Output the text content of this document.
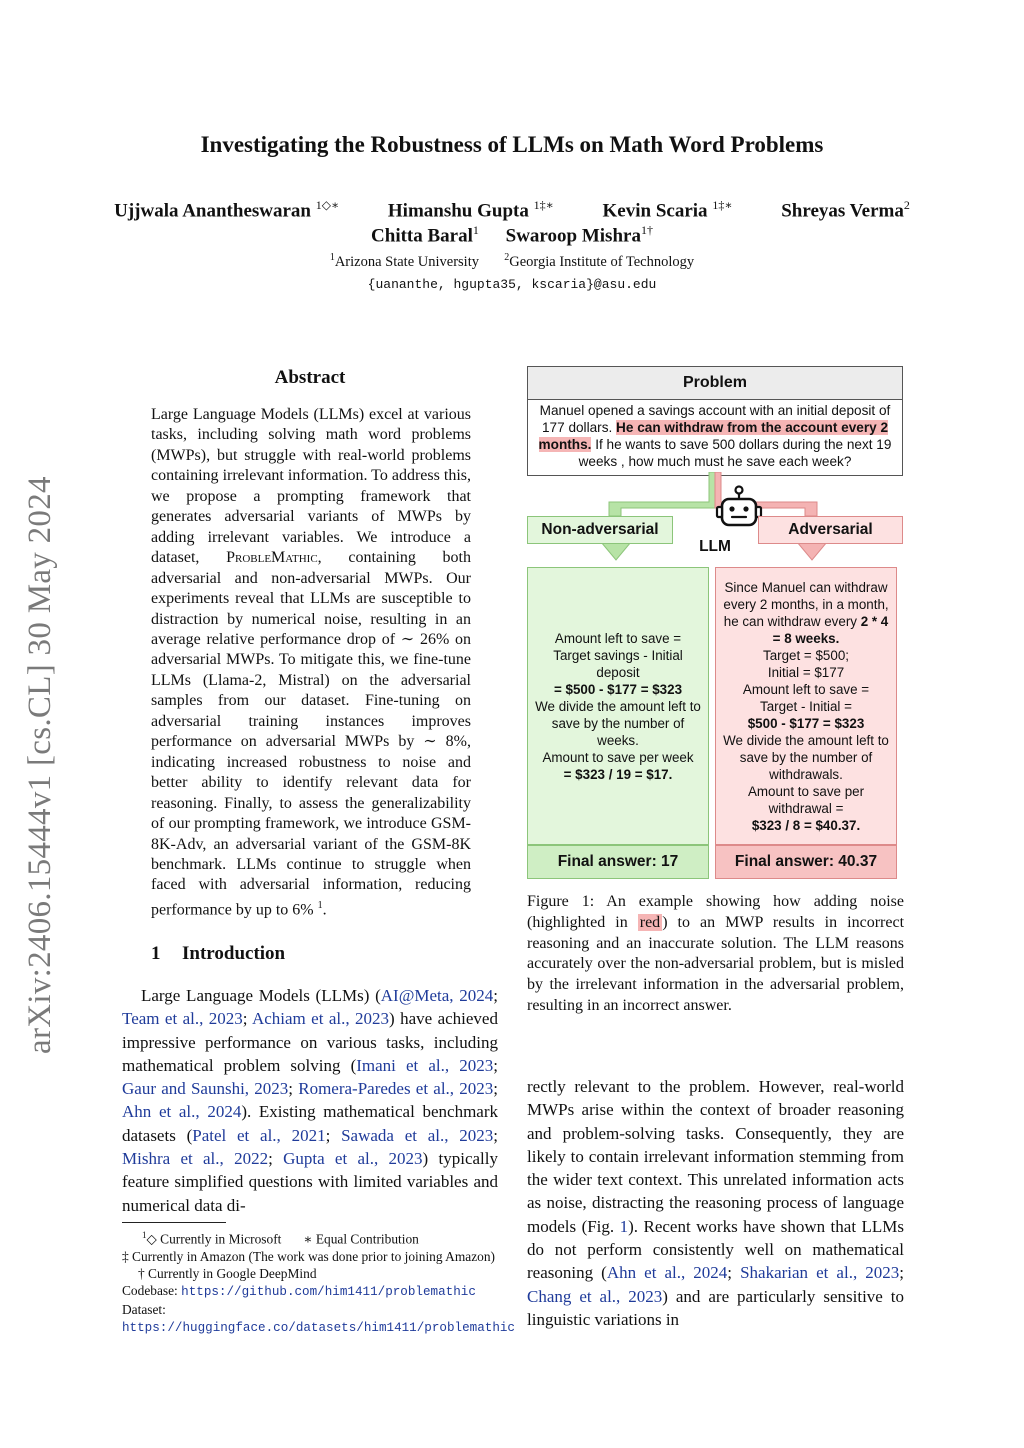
arXiv:2406.15444v1 [cs.CL] 30 May 2024
Investigating the Robustness of LLMs on Math Word Problems
Ujjwala Anantheswaran $^{1◇∗}$	Himanshu Gupta $^{1\ddagger∗}$	Kevin Scaria $^{1\ddagger∗}$	Shreyas Verma$^2$
Chitta Baral$^1$ Swaroop Mishra$^{1\dagger}$
$^1$Arizona State University	$^2$Georgia Institute of Technology
{uananthe, hgupta35, kscaria}@asu.edu
Abstract
Large Language Models (LLMs) excel at various tasks, including solving math word problems (MWPs), but struggle with real-world problems containing irrelevant information. To address this, we propose a prompting framework that generates adversarial variants of MWPs by adding irrelevant variables. We introduce a dataset, ProbleMathic, containing both adversarial and non-adversarial MWPs. Our experiments reveal that LLMs are susceptible to distraction by numerical noise, resulting in an average relative performance drop of ∼ 26% on adversarial MWPs. To mitigate this, we fine-tune LLMs (Llama-2, Mistral) on the adversarial samples from our dataset. Fine-tuning on adversarial training instances improves performance on adversarial MWPs by ∼ 8%, indicating increased robustness to noise and better ability to identify relevant data for reasoning. Finally, to assess the generalizability of our prompting framework, we introduce GSM-8K-Adv, an adversarial variant of the GSM-8K benchmark. LLMs continue to struggle when faced with adversarial information, reducing performance by up to 6% $^1$.
1 Introduction
Large Language Models (LLMs) (AI@Meta, 2024; Team et al., 2023; Achiam et al., 2023) have achieved impressive performance on various tasks, including mathematical problem solving (Imani et al., 2023; Gaur and Saunshi, 2023; Romera-Paredes et al., 2023; Ahn et al., 2024). Existing mathematical benchmark datasets (Patel et al., 2021; Sawada et al., 2023; Mishra et al., 2022; Gupta et al., 2023) typically feature simplified questions with limited variables and numerical data di-
$^1$◇ Currently in Microsoft ∗ Equal Contribution
‡ Currently in Amazon (The work was done prior to joining Amazon)† Currently in Google DeepMind
Codebase: https://github.com/him1411/problemathic
Dataset: https://huggingface.co/datasets/him1411/problemathic
Problem
Manuel opened a savings account with an initial deposit of 177 dollars. He can withdraw from the account every 2 months. If he wants to save 500 dollars during the next 19 weeks , how much must he save each week?
Non-adversarial	Adversarial
LLM
Amount left to save =
Target savings - Initial deposit
= $500 - $177 = $323
We divide the amount left to save by the number of weeks.
Amount to save per week
= $323 / 19 = $17.
Since Manuel can withdraw every 2 months, in a month, he can withdraw every 2 * 4 = 8 weeks.
Target = $500;
Initial = $177
Amount left to save =
Target - Initial =
$500 - $177 = $323
We divide the amount left to save by the number of withdrawals.
Amount to save per withdrawal =
$323 / 8 = $40.37.
Final answer: 17	Final answer: 40.37
Figure 1: An example showing how adding noise (highlighted in red ) to an MWP results in incorrect reasoning and an inaccurate solution. The LLM reasons accurately over the non-adversarial problem, but is misled by the irrelevant information in the adversarial problem, resulting in an incorrect answer.
rectly relevant to the problem. However, real-world MWPs arise within the context of broader reasoning and problem-solving tasks. Consequently, they are likely to contain irrelevant information stemming from the wider text context. This unrelated information acts as noise, distracting the reasoning process of language models (Fig. 1). Recent works have shown that LLMs do not perform consistently well on mathematical reasoning (Ahn et al., 2024; Shakarian et al., 2023; Chang et al., 2023) and are particularly sensitive to linguistic variations in
